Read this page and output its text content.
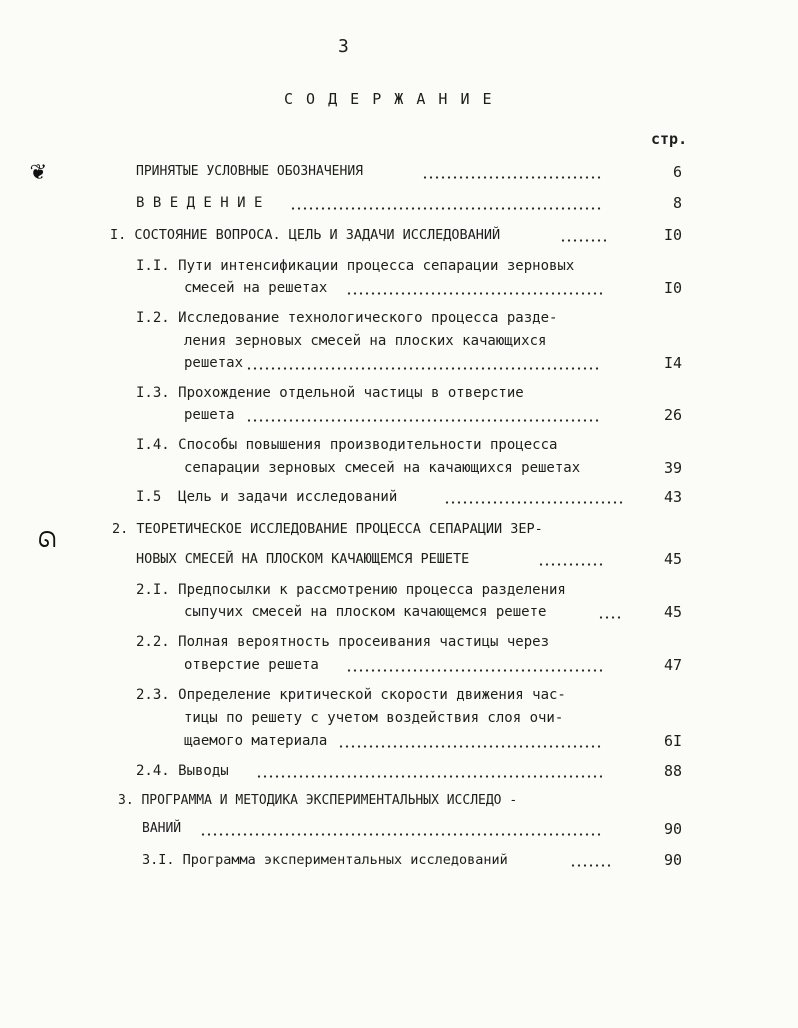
❦
ᘏ
3
С О Д Е Р Ж А Н И Е
стр.
ПРИНЯТЫЕ УСЛОВНЫЕ ОБОЗНАЧЕНИЯ	6
В В Е Д Е Н И Е	8
I. СОСТОЯНИЕ ВОПРОСА. ЦЕЛЬ И ЗАДАЧИ ИССЛЕДОВАНИЙ	I0
I.I. Пути интенсификации процесса сепарации зерновых
смесей на решетах	I0
I.2. Исследование технологического процесса разде-
ления зерновых смесей на плоских качающихся
решетах	I4
I.3. Прохождение отдельной частицы в отверстие
решета	26
I.4. Способы повышения производительности процесса
сепарации зерновых смесей на качающихся решетах	39
I.5  Цель и задачи исследований	43
2. ТЕОРЕТИЧЕСКОЕ ИССЛЕДОВАНИЕ ПРОЦЕССА СЕПАРАЦИИ ЗЕР-
НОВЫХ СМЕСЕЙ НА ПЛОСКОМ КАЧАЮЩЕМСЯ РЕШЕТЕ	45
2.I. Предпосылки к рассмотрению процесса разделения
сыпучих смесей на плоском качающемся решете	45
2.2. Полная вероятность просеивания частицы через
отверстие решета	47
2.3. Определение критической скорости движения час-
тицы по решету с учетом воздействия слоя очи-
щаемого материала	6I
2.4. Выводы	88
3. ПРОГРАММА И МЕТОДИКА ЭКСПЕРИМЕНТАЛЬНЫХ ИССЛЕДО -
ВАНИЙ	90
3.I. Программа экспериментальных исследований	90
